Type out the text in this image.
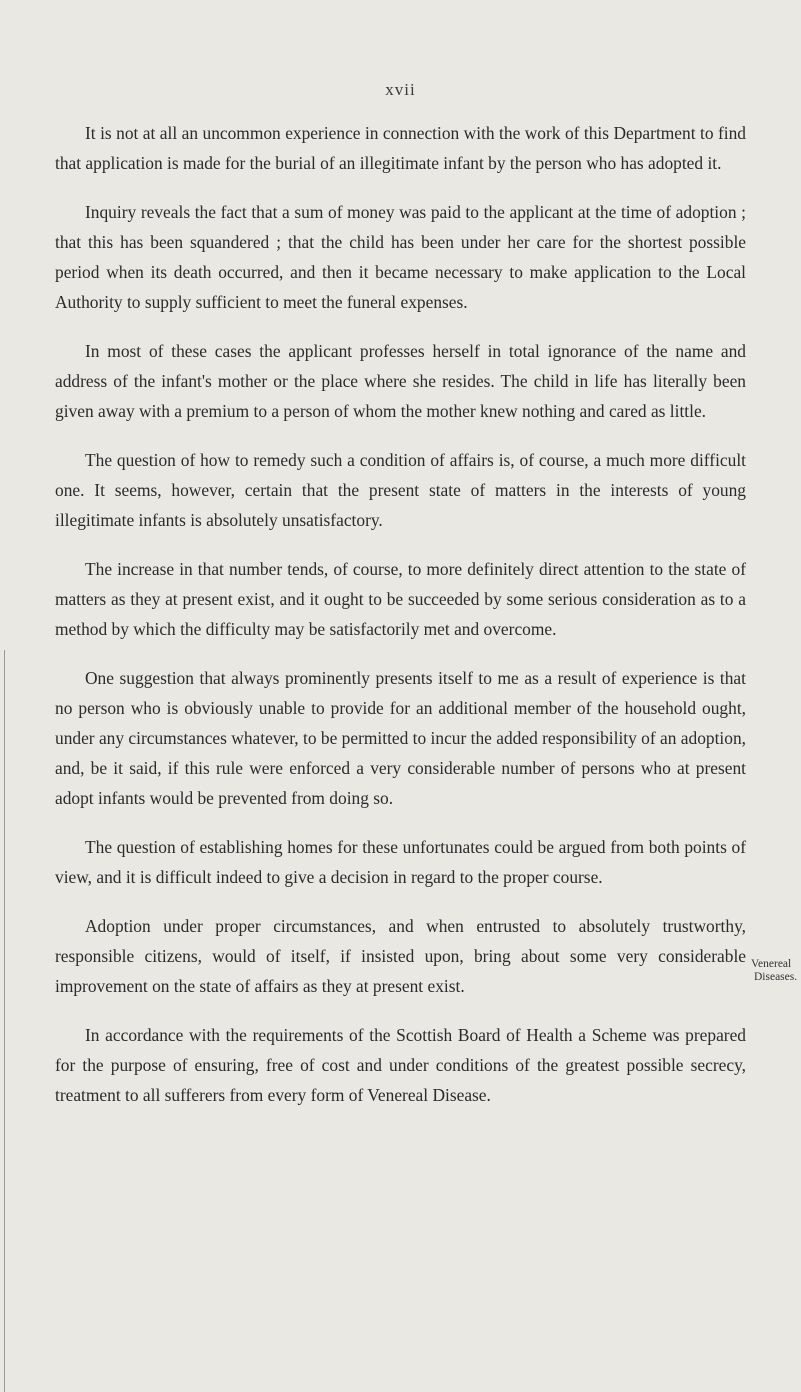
xvii

It is not at all an uncommon experience in connection with the work of this Department to find that application is made for the burial of an illegitimate infant by the person who has adopted it.

Inquiry reveals the fact that a sum of money was paid to the applicant at the time of adoption ; that this has been squandered ; that the child has been under her care for the shortest possible period when its death occurred, and then it became necessary to make application to the Local Authority to supply sufficient to meet the funeral expenses.

In most of these cases the applicant professes herself in total ignorance of the name and address of the infant's mother or the place where she resides. The child in life has literally been given away with a premium to a person of whom the mother knew nothing and cared as little.

The question of how to remedy such a condition of affairs is, of course, a much more difficult one. It seems, however, certain that the present state of matters in the interests of young illegitimate infants is absolutely unsatisfactory.

The increase in that number tends, of course, to more definitely direct attention to the state of matters as they at present exist, and it ought to be succeeded by some serious consideration as to a method by which the difficulty may be satisfactorily met and overcome.

One suggestion that always prominently presents itself to me as a result of experience is that no person who is obviously unable to provide for an additional member of the household ought, under any circumstances whatever, to be permitted to incur the added responsibility of an adoption, and, be it said, if this rule were enforced a very considerable number of persons who at present adopt infants would be prevented from doing so.

The question of establishing homes for these unfortunates could be argued from both points of view, and it is difficult indeed to give a decision in regard to the proper course.

Adoption under proper circumstances, and when entrusted to absolutely trustworthy, responsible citizens, would of itself, if insisted upon, bring about some very considerable improvement on the state of affairs as they at present exist.

In accordance with the requirements of the Scottish Board of Health a Scheme was prepared for the purpose of ensuring, free of cost and under conditions of the greatest possible secrecy, treatment to all sufferers from every form of Venereal Disease.

Venereal
Diseases.
